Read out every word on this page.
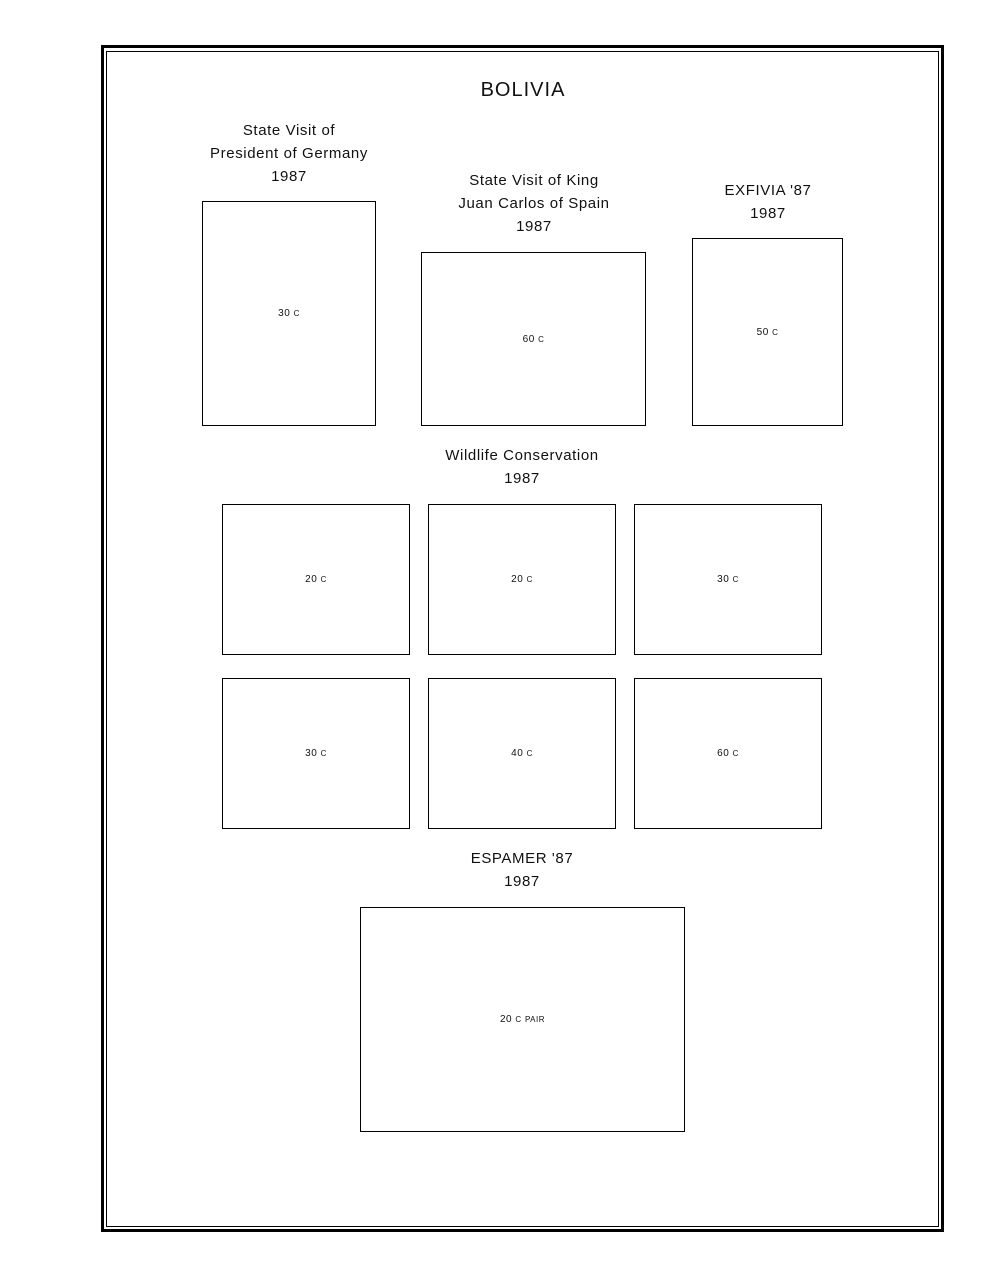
BOLIVIA
State Visit of
President of Germany
1987
30 C
State Visit of King
Juan Carlos of Spain
1987
60 C
EXFIVIA '87
1987
50 C
Wildlife Conservation
1987
20 C	20 C	30 C
30 C	40 C	60 C
ESPAMER '87
1987
20 C PAIR
